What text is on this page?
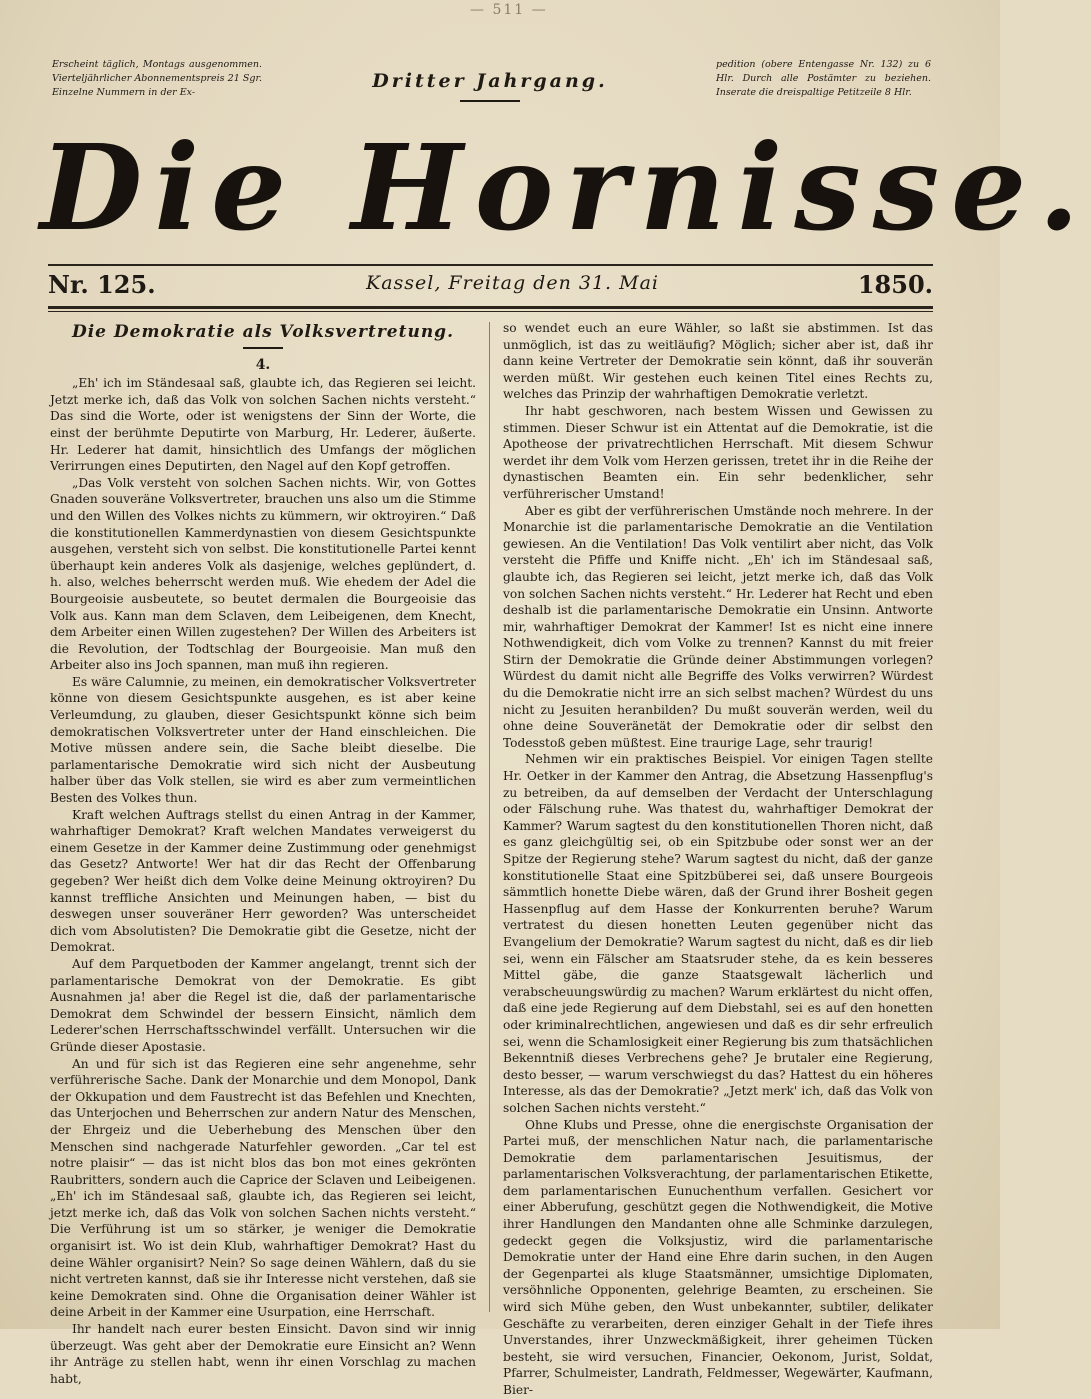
— 511 —
Erscheint täglich, Montags ausgenommen. Vierteljährlicher Abonnementspreis 21 Sgr. Einzelne Nummern in der Ex-
Dritter Jahrgang.
pedition (obere Entengasse Nr. 132) zu 6 Hlr. Durch alle Postämter zu beziehen. Inserate die dreispaltige Petitzeile 8 Hlr.
Die Hornisse.
Nr. 125.	Kassel, Freitag den 31. Mai	1850.
Die Demokratie als Volksvertretung.
4.

„Eh' ich im Ständesaal saß, glaubte ich, das Regieren sei leicht. Jetzt merke ich, daß das Volk von solchen Sachen nichts versteht.“ Das sind die Worte, oder ist wenigstens der Sinn der Worte, die einst der berühmte Deputirte von Marburg, Hr. Lederer, äußerte. Hr. Lederer hat damit, hinsichtlich des Umfangs der möglichen Verirrungen eines Deputirten, den Nagel auf den Kopf getroffen.

„Das Volk versteht von solchen Sachen nichts. Wir, von Gottes Gnaden souveräne Volksvertreter, brauchen uns also um die Stimme und den Willen des Volkes nichts zu kümmern, wir oktroyiren.“ Daß die konstitutionellen Kammerdynastien von diesem Gesichtspunkte ausgehen, versteht sich von selbst. Die konstitutionelle Partei kennt überhaupt kein anderes Volk als dasjenige, welches geplündert, d. h. also, welches beherrscht werden muß. Wie ehedem der Adel die Bourgeoisie ausbeutete, so beutet dermalen die Bourgeoisie das Volk aus. Kann man dem Sclaven, dem Leibeigenen, dem Knecht, dem Arbeiter einen Willen zugestehen? Der Willen des Arbeiters ist die Revolution, der Todtschlag der Bourgeoisie. Man muß den Arbeiter also ins Joch spannen, man muß ihn regieren.

Es wäre Calumnie, zu meinen, ein demokratischer Volksvertreter könne von diesem Gesichtspunkte ausgehen, es ist aber keine Verleumdung, zu glauben, dieser Gesichtspunkt könne sich beim demokratischen Volksvertreter unter der Hand einschleichen. Die Motive müssen andere sein, die Sache bleibt dieselbe. Die parlamentarische Demokratie wird sich nicht der Ausbeutung halber über das Volk stellen, sie wird es aber zum vermeintlichen Besten des Volkes thun.

Kraft welchen Auftrags stellst du einen Antrag in der Kammer, wahrhaftiger Demokrat? Kraft welchen Mandates verweigerst du einem Gesetze in der Kammer deine Zustimmung oder genehmigst das Gesetz? Antworte! Wer hat dir das Recht der Offenbarung gegeben? Wer heißt dich dem Volke deine Meinung oktroyiren? Du kannst treffliche Ansichten und Meinungen haben, — bist du deswegen unser souveräner Herr geworden? Was unterscheidet dich vom Absolutisten? Die Demokratie gibt die Gesetze, nicht der Demokrat.

Auf dem Parquetboden der Kammer angelangt, trennt sich der parlamentarische Demokrat von der Demokratie. Es gibt Ausnahmen ja! aber die Regel ist die, daß der parlamentarische Demokrat dem Schwindel der bessern Einsicht, nämlich dem Lederer'schen Herrschaftsschwindel verfällt. Untersuchen wir die Gründe dieser Apostasie.

An und für sich ist das Regieren eine sehr angenehme, sehr verführerische Sache. Dank der Monarchie und dem Monopol, Dank der Okkupation und dem Faustrecht ist das Befehlen und Knechten, das Unterjochen und Beherrschen zur andern Natur des Menschen, der Ehrgeiz und die Ueberhebung des Menschen über den Menschen sind nachgerade Naturfehler geworden. „Car tel est notre plaisir“ — das ist nicht blos das bon mot eines gekrönten Raubritters, sondern auch die Caprice der Sclaven und Leibeigenen. „Eh' ich im Ständesaal saß, glaubte ich, das Regieren sei leicht, jetzt merke ich, daß das Volk von solchen Sachen nichts versteht.“ Die Verführung ist um so stärker, je weniger die Demokratie organisirt ist. Wo ist dein Klub, wahrhaftiger Demokrat? Hast du deine Wähler organisirt? Nein? So sage deinen Wählern, daß du sie nicht vertreten kannst, daß sie ihr Interesse nicht verstehen, daß sie keine Demokraten sind. Ohne die Organisation deiner Wähler ist deine Arbeit in der Kammer eine Usurpation, eine Herrschaft.

Ihr handelt nach eurer besten Einsicht. Davon sind wir innig überzeugt. Was geht aber der Demokratie eure Einsicht an? Wenn ihr Anträge zu stellen habt, wenn ihr einen Vorschlag zu machen habt,

so wendet euch an eure Wähler, so laßt sie abstimmen. Ist das unmöglich, ist das zu weitläufig? Möglich; sicher aber ist, daß ihr dann keine Vertreter der Demokratie sein könnt, daß ihr souverän werden müßt. Wir gestehen euch keinen Titel eines Rechts zu, welches das Prinzip der wahrhaftigen Demokratie verletzt.

Ihr habt geschworen, nach bestem Wissen und Gewissen zu stimmen. Dieser Schwur ist ein Attentat auf die Demokratie, ist die Apotheose der privatrechtlichen Herrschaft. Mit diesem Schwur werdet ihr dem Volk vom Herzen gerissen, tretet ihr in die Reihe der dynastischen Beamten ein. Ein sehr bedenklicher, sehr verführerischer Umstand!

Aber es gibt der verführerischen Umstände noch mehrere. In der Monarchie ist die parlamentarische Demokratie an die Ventilation gewiesen. An die Ventilation! Das Volk ventilirt aber nicht, das Volk versteht die Pfiffe und Kniffe nicht. „Eh' ich im Ständesaal saß, glaubte ich, das Regieren sei leicht, jetzt merke ich, daß das Volk von solchen Sachen nichts versteht.“ Hr. Lederer hat Recht und eben deshalb ist die parlamentarische Demokratie ein Unsinn. Antworte mir, wahrhaftiger Demokrat der Kammer! Ist es nicht eine innere Nothwendigkeit, dich vom Volke zu trennen? Kannst du mit freier Stirn der Demokratie die Gründe deiner Abstimmungen vorlegen? Würdest du damit nicht alle Begriffe des Volks verwirren? Würdest du die Demokratie nicht irre an sich selbst machen? Würdest du uns nicht zu Jesuiten heranbilden? Du mußt souverän werden, weil du ohne deine Souveränetät der Demokratie oder dir selbst den Todesstoß geben müßtest. Eine traurige Lage, sehr traurig!

Nehmen wir ein praktisches Beispiel. Vor einigen Tagen stellte Hr. Oetker in der Kammer den Antrag, die Absetzung Hassenpflug's zu betreiben, da auf demselben der Verdacht der Unterschlagung oder Fälschung ruhe. Was thatest du, wahrhaftiger Demokrat der Kammer? Warum sagtest du den konstitutionellen Thoren nicht, daß es ganz gleichgültig sei, ob ein Spitzbube oder sonst wer an der Spitze der Regierung stehe? Warum sagtest du nicht, daß der ganze konstitutionelle Staat eine Spitzbüberei sei, daß unsere Bourgeois sämmtlich honette Diebe wären, daß der Grund ihrer Bosheit gegen Hassenpflug auf dem Hasse der Konkurrenten beruhe? Warum vertratest du diesen honetten Leuten gegenüber nicht das Evangelium der Demokratie? Warum sagtest du nicht, daß es dir lieb sei, wenn ein Fälscher am Staatsruder stehe, da es kein besseres Mittel gäbe, die ganze Staatsgewalt lächerlich und verabscheuungswürdig zu machen? Warum erklärtest du nicht offen, daß eine jede Regierung auf dem Diebstahl, sei es auf den honetten oder kriminalrechtlichen, angewiesen und daß es dir sehr erfreulich sei, wenn die Schamlosigkeit einer Regierung bis zum thatsächlichen Bekenntniß dieses Verbrechens gehe? Je brutaler eine Regierung, desto besser, — warum verschwiegst du das? Hattest du ein höheres Interesse, als das der Demokratie? „Jetzt merk' ich, daß das Volk von solchen Sachen nichts versteht.“

Ohne Klubs und Presse, ohne die energischste Organisation der Partei muß, der menschlichen Natur nach, die parlamentarische Demokratie dem parlamentarischen Jesuitismus, der parlamentarischen Volksverachtung, der parlamentarischen Etikette, dem parlamentarischen Eunuchenthum verfallen. Gesichert vor einer Abberufung, geschützt gegen die Nothwendigkeit, die Motive ihrer Handlungen den Mandanten ohne alle Schminke darzulegen, gedeckt gegen die Volksjustiz, wird die parlamentarische Demokratie unter der Hand eine Ehre darin suchen, in den Augen der Gegenpartei als kluge Staatsmänner, umsichtige Diplomaten, versöhnliche Opponenten, gelehrige Beamten, zu erscheinen. Sie wird sich Mühe geben, den Wust unbekannter, subtiler, delikater Geschäfte zu verarbeiten, deren einziger Gehalt in der Tiefe ihres Unverstandes, ihrer Unzweckmäßigkeit, ihrer geheimen Tücken besteht, sie wird versuchen, Financier, Oekonom, Jurist, Soldat, Pfarrer, Schulmeister, Landrath, Feldmesser, Wegewärter, Kaufmann, Bier-
